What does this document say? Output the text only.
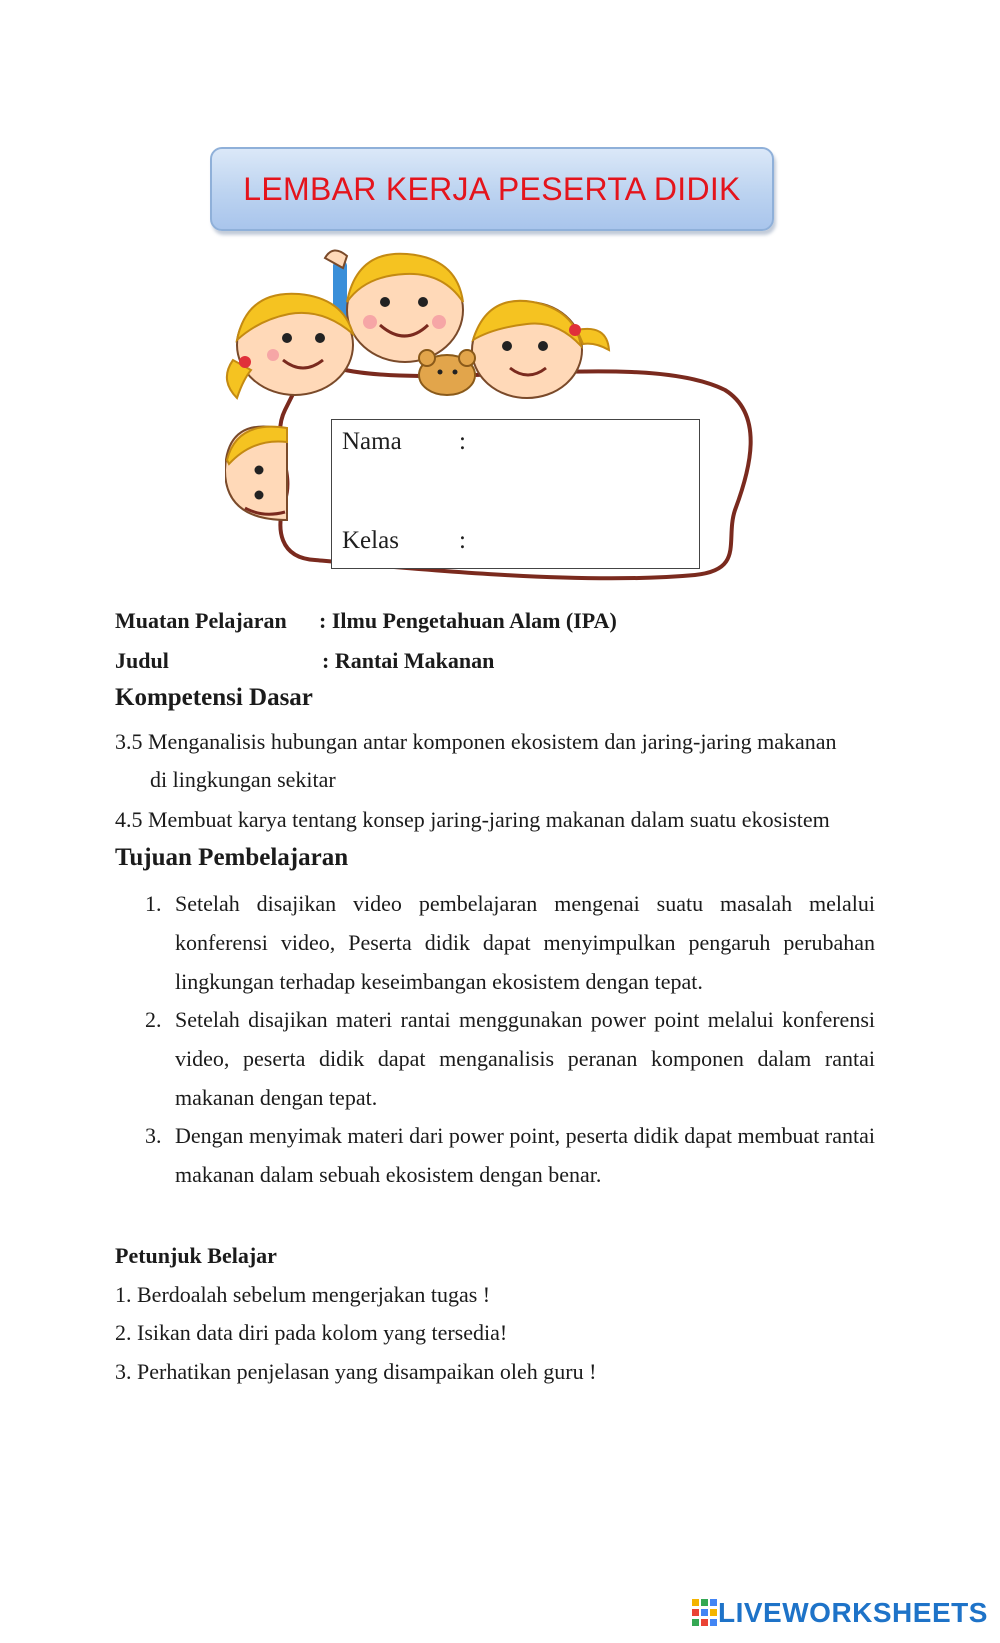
LEMBAR KERJA PESERTA DIDIK
Nama :
Kelas :
Muatan Pelajaran : Ilmu Pengetahuan Alam (IPA)
Judul	: Rantai Makanan
Kompetensi Dasar
3.5 Menganalisis hubungan antar komponen ekosistem dan jaring-jaring makanan
di lingkungan sekitar
4.5 Membuat karya tentang konsep jaring-jaring makanan dalam suatu ekosistem
Tujuan Pembelajaran
1. Setelah disajikan video pembelajaran mengenai suatu masalah melalui konferensi video, Peserta didik dapat menyimpulkan pengaruh perubahan lingkungan terhadap keseimbangan ekosistem dengan tepat.
2. Setelah disajikan materi rantai menggunakan power point melalui konferensi video, peserta didik dapat menganalisis peranan komponen dalam rantai makanan dengan tepat.
3. Dengan menyimak materi dari power point, peserta didik dapat membuat rantai makanan dalam sebuah ekosistem dengan benar.
Petunjuk Belajar
1. Berdoalah sebelum mengerjakan tugas !
2. Isikan data diri pada kolom yang tersedia!
3. Perhatikan penjelasan yang disampaikan oleh guru !
LIVEWORKSHEETS
